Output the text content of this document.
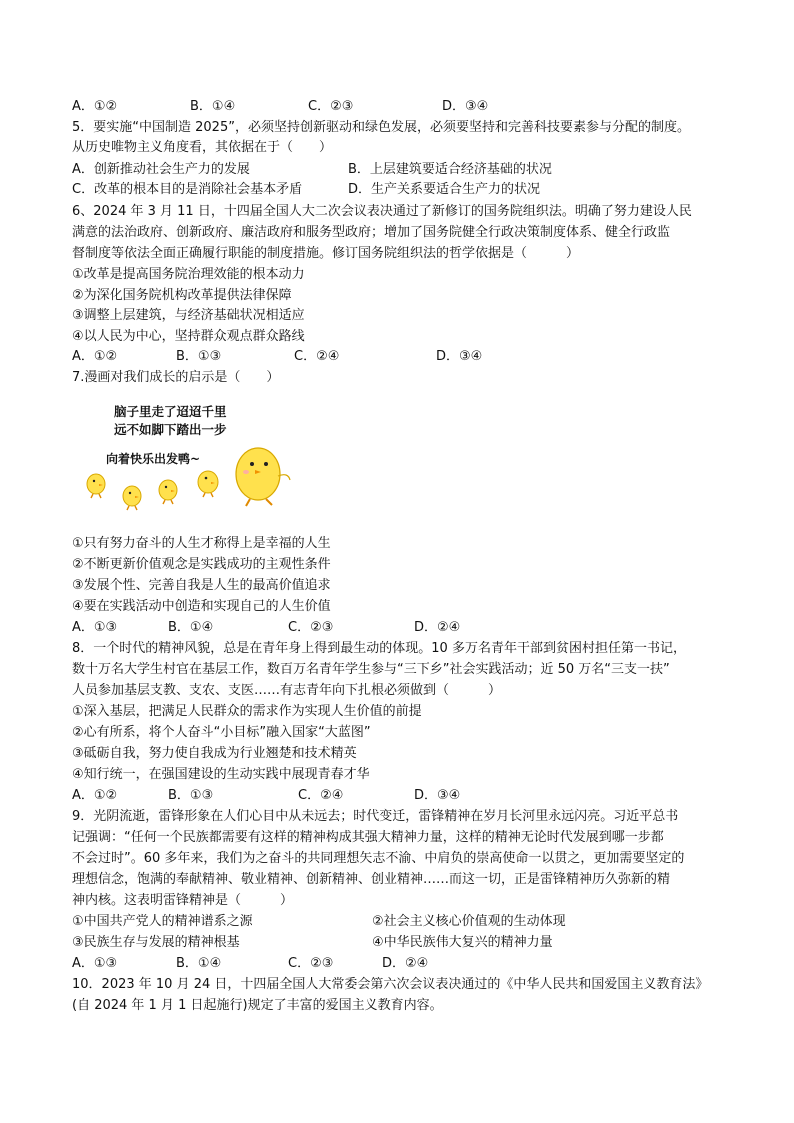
A．①②	B．①④	C．②③	D．③④
5．要实施“中国制造 2025”，必须坚持创新驱动和绿色发展，必须要坚持和完善科技要素参与分配的制度。
从历史唯物主义角度看，其依据在于（　　）
A．创新推动社会生产力的发展	B．上层建筑要适合经济基础的状况
C．改革的根本目的是消除社会基本矛盾	D．生产关系要适合生产力的状况
6、2024 年 3 月 11 日，十四届全国人大二次会议表决通过了新修订的国务院组织法。明确了努力建设人民
满意的法治政府、创新政府、廉洁政府和服务型政府；增加了国务院健全行政决策制度体系、健全行政监
督制度等依法全面正确履行职能的制度措施。修订国务院组织法的哲学依据是（　　　）
①改革是提高国务院治理效能的根本动力
②为深化国务院机构改革提供法律保障
③调整上层建筑，与经济基础状况相适应
④以人民为中心，坚持群众观点群众路线
A．①②	B．①③	C．②④	D．③④
7.漫画对我们成长的启示是（　　）
脑子里走了迢迢千里
远不如脚下踏出一步
向着快乐出发鸭~
①只有努力奋斗的人生才称得上是幸福的人生
②不断更新价值观念是实践成功的主观性条件
③发展个性、完善自我是人生的最高价值追求
④要在实践活动中创造和实现自己的人生价值
A．①③	B．①④	C．②③	D．②④
8．一个时代的精神风貌，总是在青年身上得到最生动的体现。10 多万名青年干部到贫困村担任第一书记，
数十万名大学生村官在基层工作，数百万名青年学生参与“三下乡”社会实践活动；近 50 万名“三支一扶”
人员参加基层支教、支农、支医……有志青年向下扎根必须做到（　　　）
①深入基层，把满足人民群众的需求作为实现人生价值的前提
②心有所系，将个人奋斗“小目标”融入国家“大蓝图”
③砥砺自我，努力使自我成为行业翘楚和技术精英
④知行统一，在强国建设的生动实践中展现青春才华
A．①②	B．①③	C．②④	D．③④
9．光阴流逝，雷锋形象在人们心目中从未远去；时代变迁，雷锋精神在岁月长河里永远闪亮。习近平总书
记强调：“任何一个民族都需要有这样的精神构成其强大精神力量，这样的精神无论时代发展到哪一步都
不会过时”。60 多年来，我们为之奋斗的共同理想矢志不渝、中肩负的崇高使命一以贯之，更加需要坚定的
理想信念，饱满的奉献精神、敬业精神、创新精神、创业精神……而这一切，正是雷锋精神历久弥新的精
神内核。这表明雷锋精神是（　　　）
①中国共产党人的精神谱系之源	②社会主义核心价值观的生动体现
③民族生存与发展的精神根基	④中华民族伟大复兴的精神力量
A．①③	B．①④	C．②③	D．②④
10．2023 年 10 月 24 日，十四届全国人大常委会第六次会议表决通过的《中华人民共和国爱国主义教育法》
(自 2024 年 1 月 1 日起施行)规定了丰富的爱国主义教育内容。
